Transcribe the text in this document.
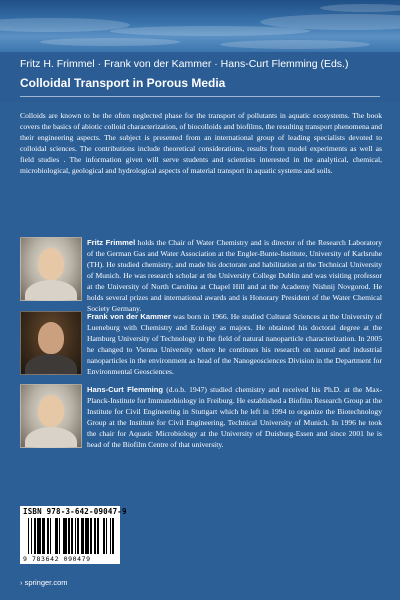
Fritz H. Frimmel · Frank von der Kammer · Hans-Curt Flemming (Eds.)
Colloidal Transport in Porous Media
Colloids are known to be the often neglected phase for the transport of pollutants in aquatic ecosystems. The book covers the basics of abiotic colloid characterization, of biocolloids and biofilms, the resulting transport phenomena and their engineering aspects. The subject is presented from an international group of leading specialists devoted to colloidal sciences. The contributions include theoretical considerations, results from model experiments as well as field studies . The information given will serve students and scientists interested in the analytical, chemical, microbiological, geological and hydrological aspects of material transport in aquatic systems and soils.
Fritz Frimmel holds the Chair of Water Chemistry and is director of the Research Laboratory of the German Gas and Water Association at the Engler-Bunte-Institute, University of Karlsruhe (TH). He studied chemistry, and made his doctorate and habilitation at the Technical University of Munich. He was research scholar at the University College Dublin and was visiting professor at the University of North Carolina at Chapel Hill and at the Academy Nishnij Novgorod. He holds several prizes and international awards and is Honorary President of the Water Chemical Society Germany.
Frank von der Kammer was born in 1966. He studied Cultural Sciences at the University of Lueneburg with Chemistry and Ecology as majors. He obtained his doctoral degree at the Hamburg University of Technology in the field of natural nanoparticle characterization. In 2005 he changed to Vienna University where he continues his research on natural and industrial nanoparticles in the environment as head of the Nanogeosciences Division in the Department for Environmental Geosciences.
Hans-Curt Flemming (d.o.b. 1947) studied chemistry and received his Ph.D. at the Max-Planck-Institute for Immunobiology in Freiburg. He established a Biofilm Research Group at the Institute for Civil Engineering in Stuttgart which he left in 1994 to organize the Biotechnology Group at the Institute for Civil Engineering, Technical University of Munich. In 1996 he took the chair for Aquatic Microbiology at the University of Duisburg-Essen and since 2001 he is head of the Biofilm Centre of that university.
ISBN 978-3-642-09047-9
9 783642 090479
› springer.com
